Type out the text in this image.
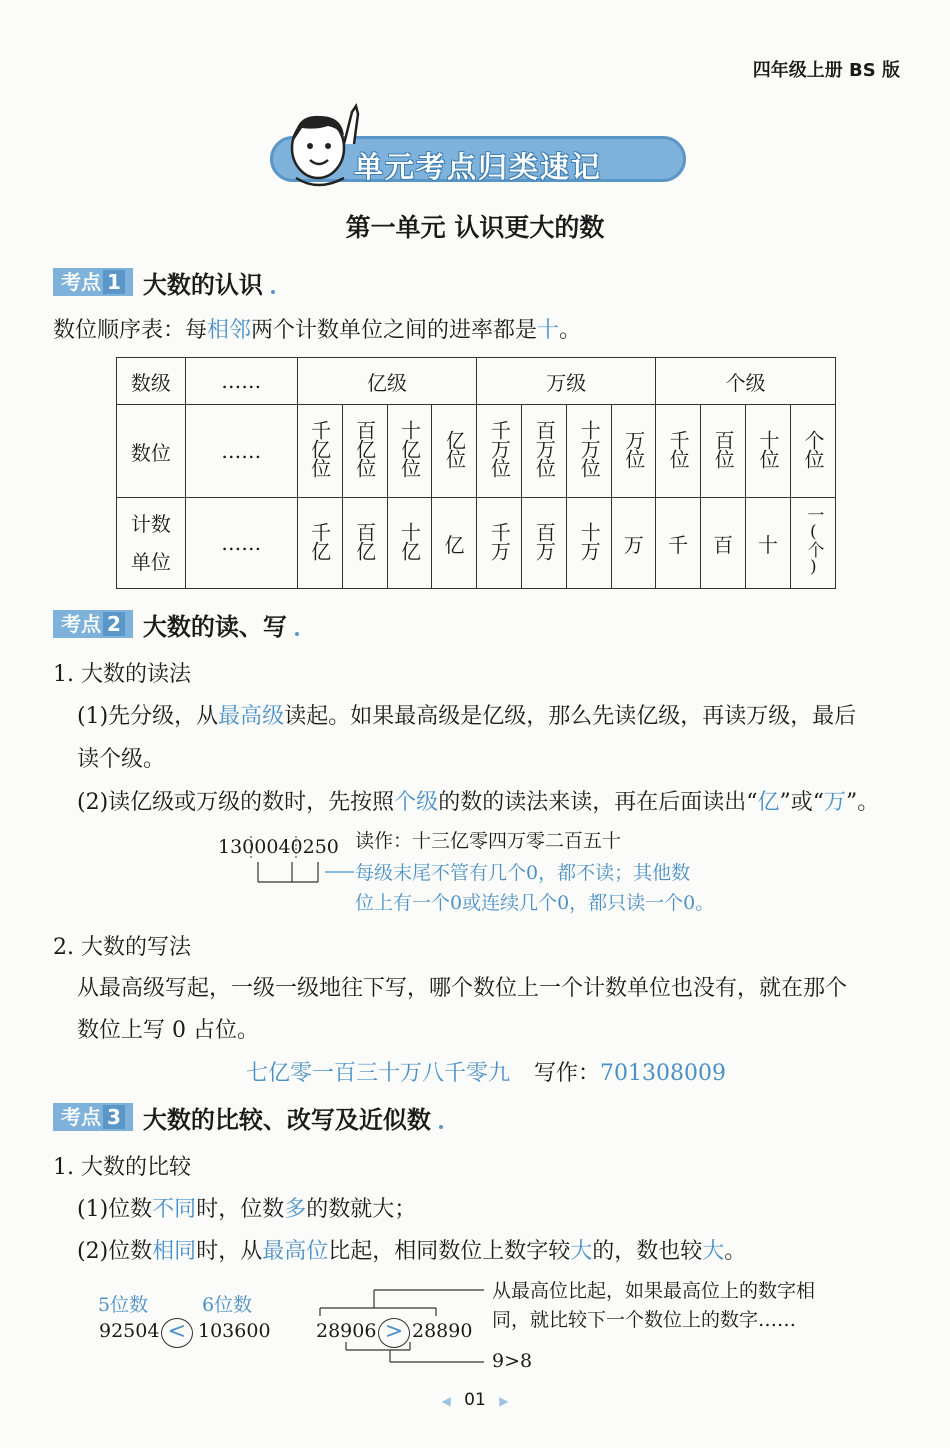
四年级上册 BS 版
单元考点归类速记
第一单元 认识更大的数
考点 1 大数的认识
数位顺序表：每相邻两个计数单位之间的进率都是十。
数级	……	亿级				万级				个级			
数位	……	千亿位	百亿位	十亿位	亿位	千万位	百万位	十万位	万位	千位	百位	十位	个位
计数
单位	……	千亿	百亿	十亿	亿	千万	百万	十万	万	千	百	十	一(个)
考点 2 大数的读、写
1. 大数的读法
(1)先分级，从最高级读起。如果最高级是亿级，那么先读亿级，再读万级，最后
读个级。
(2)读亿级或万级的数时，先按照个级的数的读法来读，再在后面读出“亿”或“万”。
1300040250 读作：十三亿零四万零二百五十
每级末尾不管有几个0，都不读；其他数
位上有一个0或连续几个0，都只读一个0。
2. 大数的写法
从最高级写起，一级一级地往下写，哪个数位上一个计数单位也没有，就在那个
数位上写 0 占位。
七亿零一百三十万八千零九 写作：701308009
考点 3 大数的比较、改写及近似数
1. 大数的比较
(1)位数不同时，位数多的数就大；
(2)位数相同时，从最高位比起，相同数位上数字较大的，数也较大。
5位数	6位数
92504 < 103600 28906 > 28890
从最高位比起，如果最高位上的数字相
同，就比较下一个数位上的数字……
9>8
◀ 01 ▶
